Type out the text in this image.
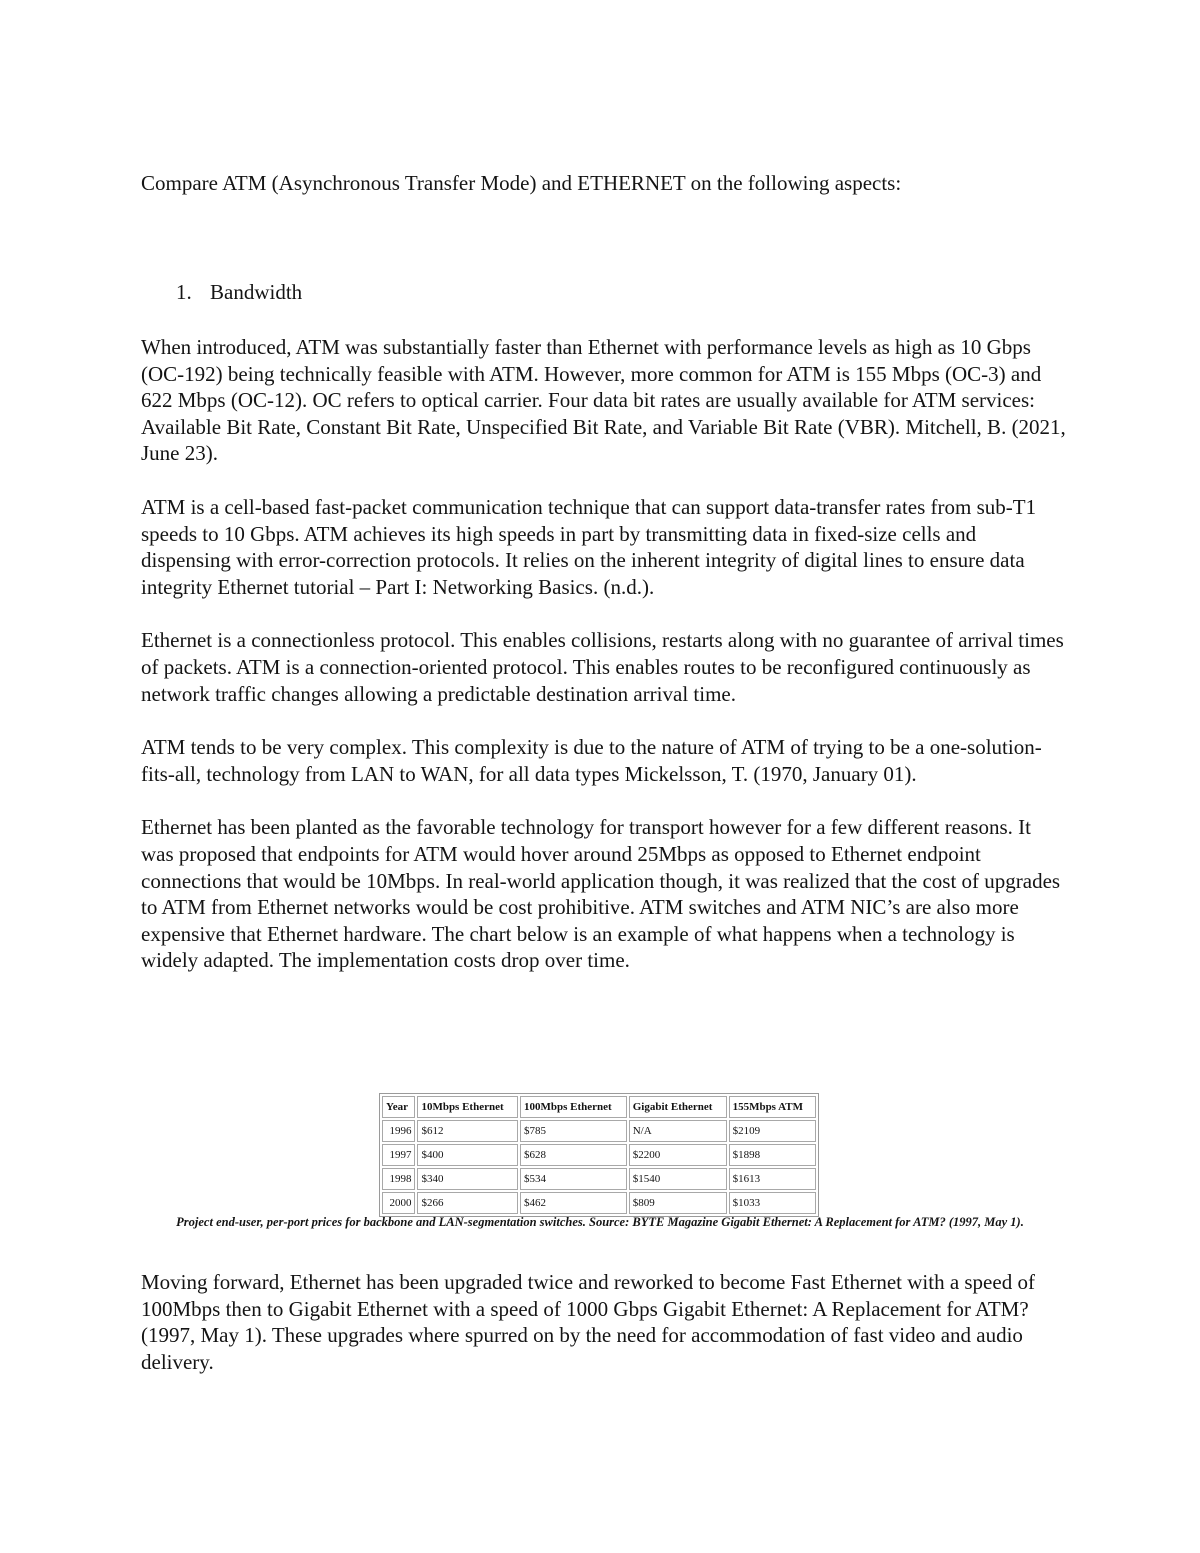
Compare ATM (Asynchronous Transfer Mode) and ETHERNET on the following aspects:

1. Bandwidth

When introduced, ATM was substantially faster than Ethernet with performance levels as high as 10 Gbps (OC-192) being technically feasible with ATM. However, more common for ATM is 155 Mbps (OC-3) and 622 Mbps (OC-12). OC refers to optical carrier. Four data bit rates are usually available for ATM services: Available Bit Rate, Constant Bit Rate, Unspecified Bit Rate, and Variable Bit Rate (VBR). Mitchell, B. (2021, June 23).

ATM is a cell-based fast-packet communication technique that can support data-transfer rates from sub-T1 speeds to 10 Gbps. ATM achieves its high speeds in part by transmitting data in fixed-size cells and dispensing with error-correction protocols. It relies on the inherent integrity of digital lines to ensure data integrity Ethernet tutorial – Part I: Networking Basics. (n.d.).

Ethernet is a connectionless protocol. This enables collisions, restarts along with no guarantee of arrival times of packets. ATM is a connection-oriented protocol. This enables routes to be reconfigured continuously as network traffic changes allowing a predictable destination arrival time.

ATM tends to be very complex. This complexity is due to the nature of ATM of trying to be a one-solution-fits-all, technology from LAN to WAN, for all data types Mickelsson, T. (1970, January 01).

Ethernet has been planted as the favorable technology for transport however for a few different reasons. It was proposed that endpoints for ATM would hover around 25Mbps as opposed to Ethernet endpoint connections that would be 10Mbps. In real-world application though, it was realized that the cost of upgrades to ATM from Ethernet networks would be cost prohibitive. ATM switches and ATM NIC’s are also more expensive that Ethernet hardware. The chart below is an example of what happens when a technology is widely adapted. The implementation costs drop over time.

Year	10Mbps Ethernet	100Mbps Ethernet	Gigabit Ethernet	155Mbps ATM
1996	$612	$785	N/A	$2109
1997	$400	$628	$2200	$1898
1998	$340	$534	$1540	$1613
2000	$266	$462	$809	$1033

Project end-user, per-port prices for backbone and LAN-segmentation switches. Source: BYTE Magazine Gigabit Ethernet: A Replacement for ATM? (1997, May 1).

Moving forward, Ethernet has been upgraded twice and reworked to become Fast Ethernet with a speed of 100Mbps then to Gigabit Ethernet with a speed of 1000 Gbps Gigabit Ethernet: A Replacement for ATM? (1997, May 1). These upgrades where spurred on by the need for accommodation of fast video and audio delivery.
